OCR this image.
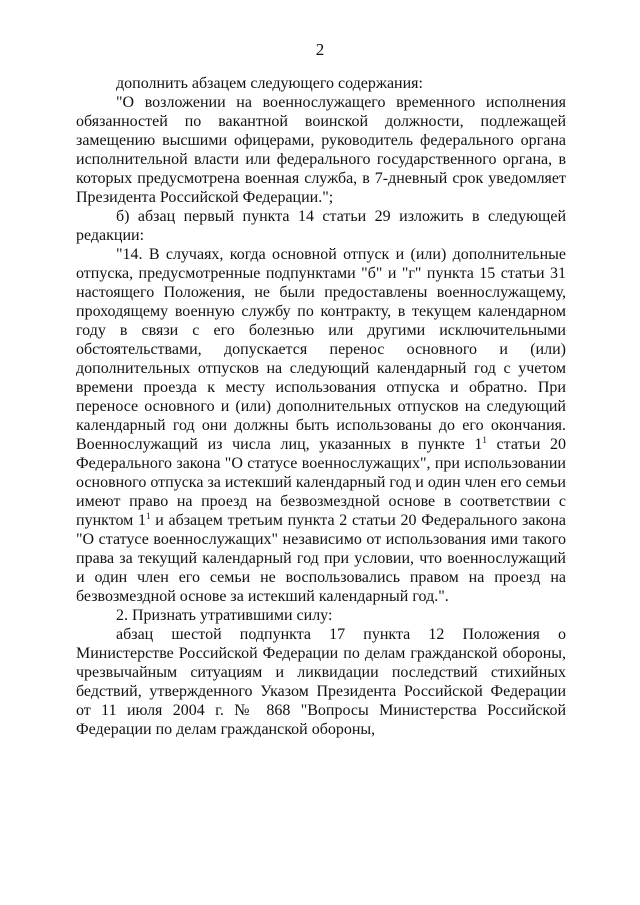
2

дополнить абзацем следующего содержания:

"О возложении на военнослужащего временного исполнения обязанностей по вакантной воинской должности, подлежащей замещению высшими офицерами, руководитель федерального органа исполнительной власти или федерального государственного органа, в которых предусмотрена военная служба, в 7-дневный срок уведомляет Президента Российской Федерации.";

б) абзац первый пункта 14 статьи 29 изложить в следующей редакции:

"14. В случаях, когда основной отпуск и (или) дополнительные отпуска, предусмотренные подпунктами "б" и "г" пункта 15 статьи 31 настоящего Положения, не были предоставлены военнослужащему, проходящему военную службу по контракту, в текущем календарном году в связи с его болезнью или другими исключительными обстоятельствами, допускается перенос основного и (или) дополнительных отпусков на следующий календарный год с учетом времени проезда к месту использования отпуска и обратно. При переносе основного и (или) дополнительных отпусков на следующий календарный год они должны быть использованы до его окончания. Военнослужащий из числа лиц, указанных в пункте $1^1$ статьи 20 Федерального закона "О статусе военнослужащих", при использовании основного отпуска за истекший календарный год и один член его семьи имеют право на проезд на безвозмездной основе в соответствии с пунктом $1^1$ и абзацем третьим пункта 2 статьи 20 Федерального закона "О статусе военнослужащих" независимо от использования ими такого права за текущий календарный год при условии, что военнослужащий и один член его семьи не воспользовались правом на проезд на безвозмездной основе за истекший календарный год.".

2. Признать утратившими силу:

абзац шестой подпункта 17 пункта 12 Положения о Министерстве Российской Федерации по делам гражданской обороны, чрезвычайным ситуациям и ликвидации последствий стихийных бедствий, утвержденного Указом Президента Российской Федерации от 11 июля 2004 г. № 868 "Вопросы Министерства Российской Федерации по делам гражданской обороны,
